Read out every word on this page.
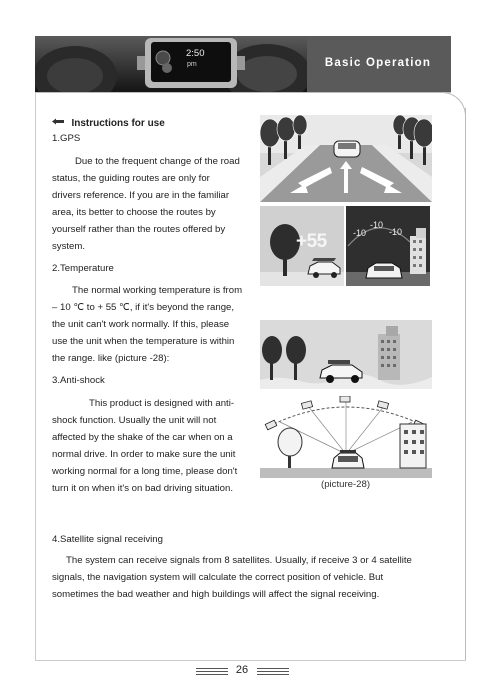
2:50
pm	Basic Operation
Instructions for use
1.GPS
Due to the frequent change of the road
status, the guiding routes are only for
drivers reference. If you are in the familiar
area, its better to choose the routes by
yourself rather than the routes offered by
system.
2.Temperature
The normal working temperature is from
– 10 ℃ to + 55 ℃, if it's beyond the range,
the unit can't work normally. If this, please
use the unit when the temperature is within
the range. like (picture -28):
3.Anti-shock
This product is designed with anti-
shock function. Usually the unit will not
affected by the shake of the car when on a
normal drive. In order to make sure the unit
working normal for a long time, please don't
turn it on when it's on bad driving situation.
+55	-10
-10
-10
(picture-28)
4.Satellite signal receiving
The system can receive signals from 8 satellites. Usually, if receive 3 or 4 satellite
signals, the navigation system will calculate the correct position of vehicle. But
sometimes the bad weather and high buildings will affect the signal receiving.
26
